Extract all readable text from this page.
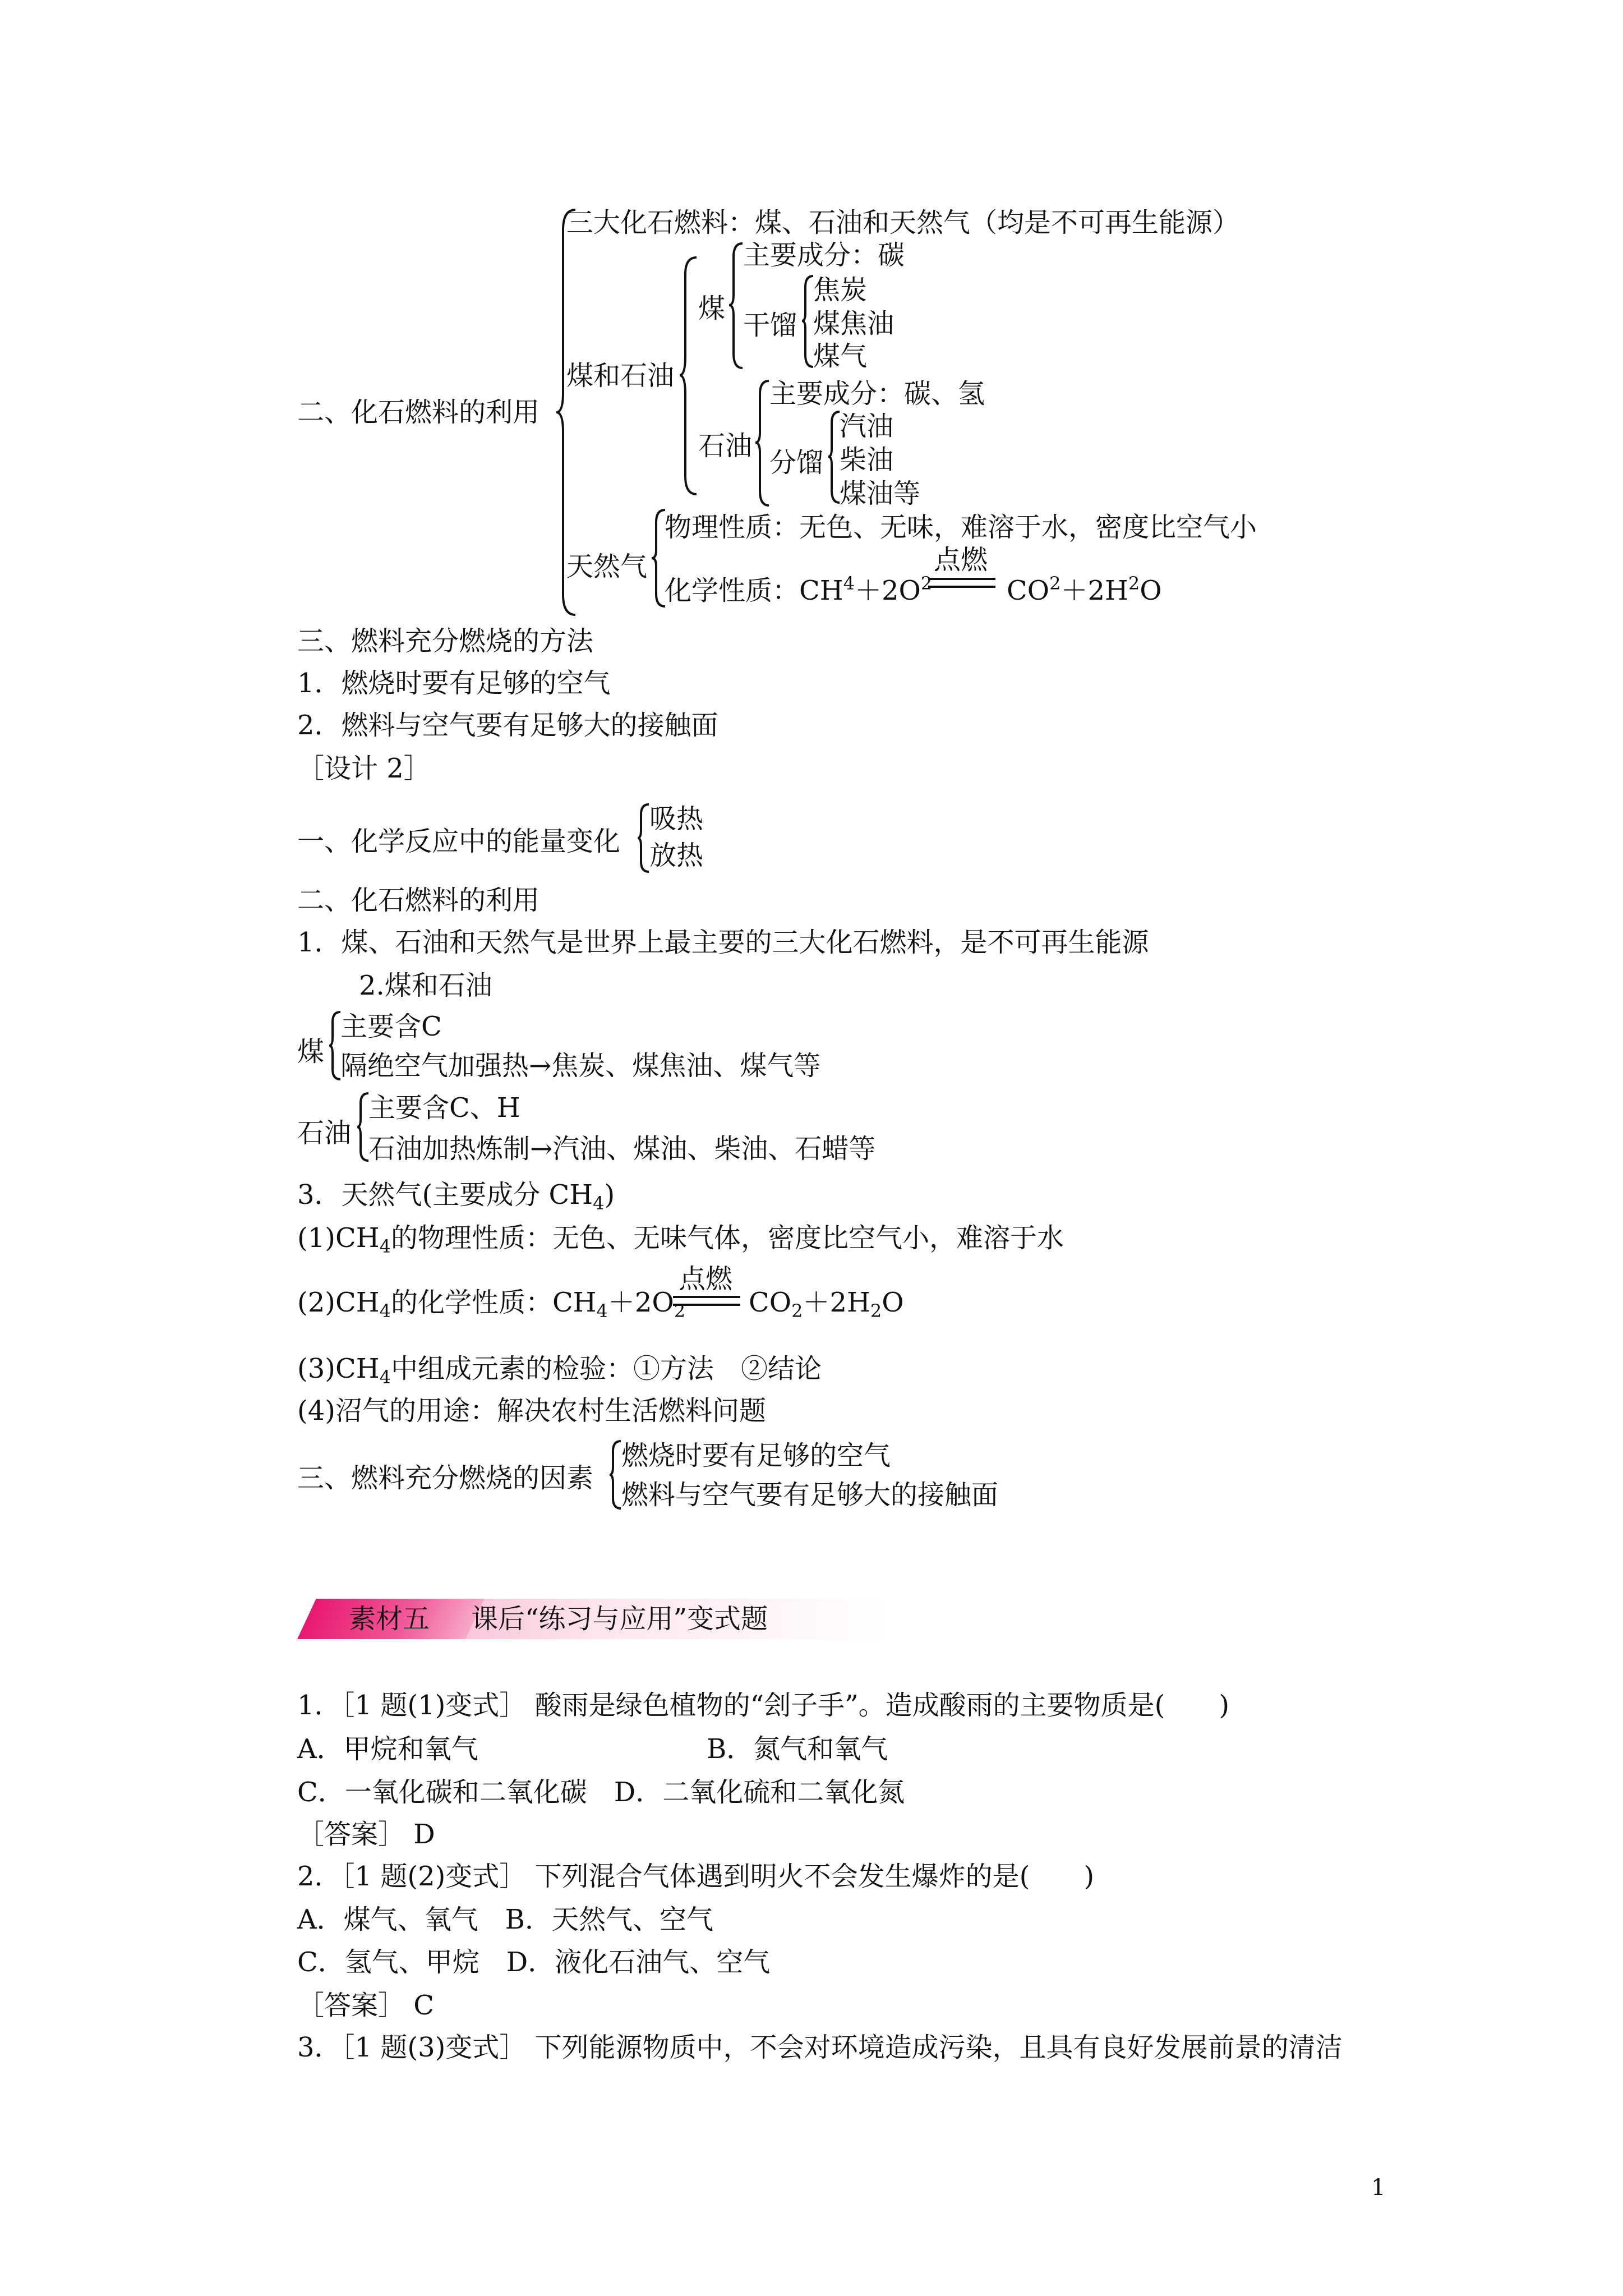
二、化石燃料的利用
三大化石燃料：煤、石油和天然气（均是不可再生能源）
煤和石油
煤
主要成分：碳
干馏
焦炭
煤焦油
煤气
石油
主要成分：碳、氢
分馏
汽油
柴油
煤油等
天然气
物理性质：无色、无味，难溶于水，密度比空气小
化学性质：$CH^4+2O^2$
点燃
$CO^2+2H^2O$
三、燃料充分燃烧的方法
1．燃烧时要有足够的空气
2．燃料与空气要有足够大的接触面
［设计 2］
一、化学反应中的能量变化
吸热
放热
二、化石燃料的利用
1．煤、石油和天然气是世界上最主要的三大化石燃料，是不可再生能源
2.煤和石油
煤
主要含C
隔绝空气加强热→焦炭、煤焦油、煤气等
石油
主要含C、H
石油加热炼制→汽油、煤油、柴油、石蜡等
3．天然气(主要成分 $CH_4$)
$(1)CH_4$的物理性质：无色、无味气体，密度比空气小，难溶于水
$(2)CH_4$的化学性质：$CH_4+2O_2$
点燃
$CO_2+2H_2O$
$(3)CH_4$中组成元素的检验：①方法　②结论
(4)沼气的用途：解决农村生活燃料问题
三、燃料充分燃烧的因素
燃烧时要有足够的空气
燃料与空气要有足够大的接触面
素材五 课后“练习与应用”变式题
1．［1 题(1)变式］ 酸雨是绿色植物的“刽子手”。造成酸雨的主要物质是(　　)
A．甲烷和氧气	B．氮气和氧气
C．一氧化碳和二氧化碳　D．二氧化硫和二氧化氮
［答案］ D
2．［1 题(2)变式］ 下列混合气体遇到明火不会发生爆炸的是(　　)
A．煤气、氧气　B．天然气、空气
C．氢气、甲烷　D．液化石油气、空气
［答案］ C
3．［1 题(3)变式］ 下列能源物质中，不会对环境造成污染，且具有良好发展前景的清洁
1
